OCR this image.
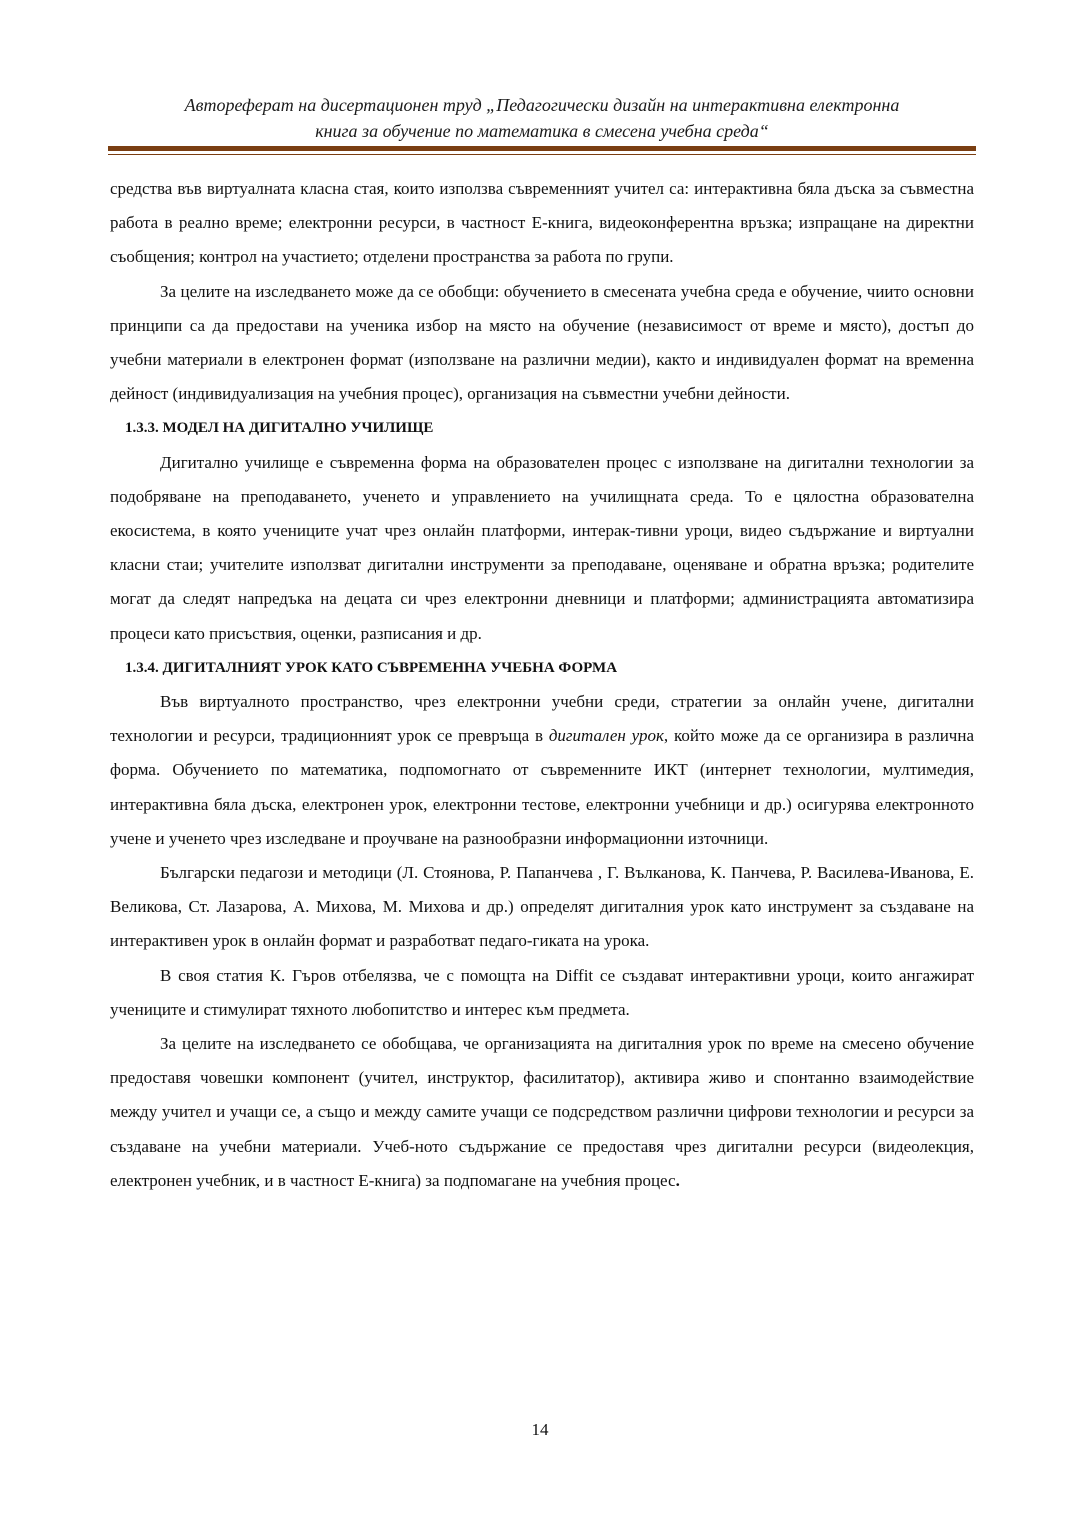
Автореферат на дисертационен труд „Педагогически дизайн на интерактивна електронна
книга за обучение по математика в смесена учебна среда“

средства във виртуалната класна стая, които използва съвременният учител са: интерактивна бяла дъска за съвместна работа в реално време; електронни ресурси, в частност Е-книга, видеоконферентна връзка; изпращане на директни съобщения; контрол на участието; отделени пространства за работа по групи.

За целите на изследването може да се обобщи: обучението в смесената учебна среда е обучение, чиито основни принципи са да предостави на ученика избор на място на обучение (независимост от време и място), достъп до учебни материали в електронен формат (използване на различни медии), както и индивидуален формат на временна дейност (индивидуализация на учебния процес), организация на съвместни учебни дейности.

1.3.3. МОДЕЛ НА ДИГИТАЛНО УЧИЛИЩЕ

Дигитално училище е съвременна форма на образователен процес с използване на дигитални технологии за подобряване на преподаването, ученето и управлението на училищната среда. То е цялостна образователна екосистема, в която учениците учат чрез онлайн платформи, интерак-тивни уроци, видео съдържание и виртуални класни стаи; учителите използват дигитални инструменти за преподаване, оценяване и обратна връзка; родителите могат да следят напредъка на децата си чрез електронни дневници и платформи; администрацията автоматизира процеси като присъствия, оценки, разписания и др.

1.3.4. ДИГИТАЛНИЯТ УРОК КАТО СЪВРЕМЕННА УЧЕБНА ФОРМА

Във виртуалното пространство, чрез електронни учебни среди, стратегии за онлайн учене, дигитални технологии и ресурси, традиционният урок се превръща в дигитален урок, който може да се организира в различна форма. Обучението по математика, подпомогнато от съвременните ИКТ (интернет технологии, мултимедия, интерактивна бяла дъска, електронен урок, електронни тестове, електронни учебници и др.) осигурява електронното учене и ученето чрез изследване и проучване на разнообразни информационни източници.

Български педагози и методици (Л. Стоянова, Р. Папанчева , Г. Вълканова, К. Панчева, Р. Василева-Иванова, Е. Великова, Ст. Лазарова, А. Михова, М. Михова и др.) определят дигиталния урок като инструмент за създаване на интерактивен урок в онлайн формат и разработват педаго-гиката на урока.

В своя статия К. Гъров отбелязва, че с помощта на Diffit се създават интерактивни уроци, които ангажират учениците и стимулират тяхното любопитство и интерес към предмета.

За целите на изследването се обобщава, че организацията на дигиталния урок по време на смесено обучение предоставя човешки компонент (учител, инструктор, фасилитатор), активира живо и спонтанно взаимодействие между учител и учащи се, а също и между самите учащи се подсредством различни цифрови технологии и ресурси за създаване на учебни материали. Учеб-ното съдържание се предоставя чрез дигитални ресурси (видеолекция, електронен учебник, и в частност Е-книга) за подпомагане на учебния процес.

14
